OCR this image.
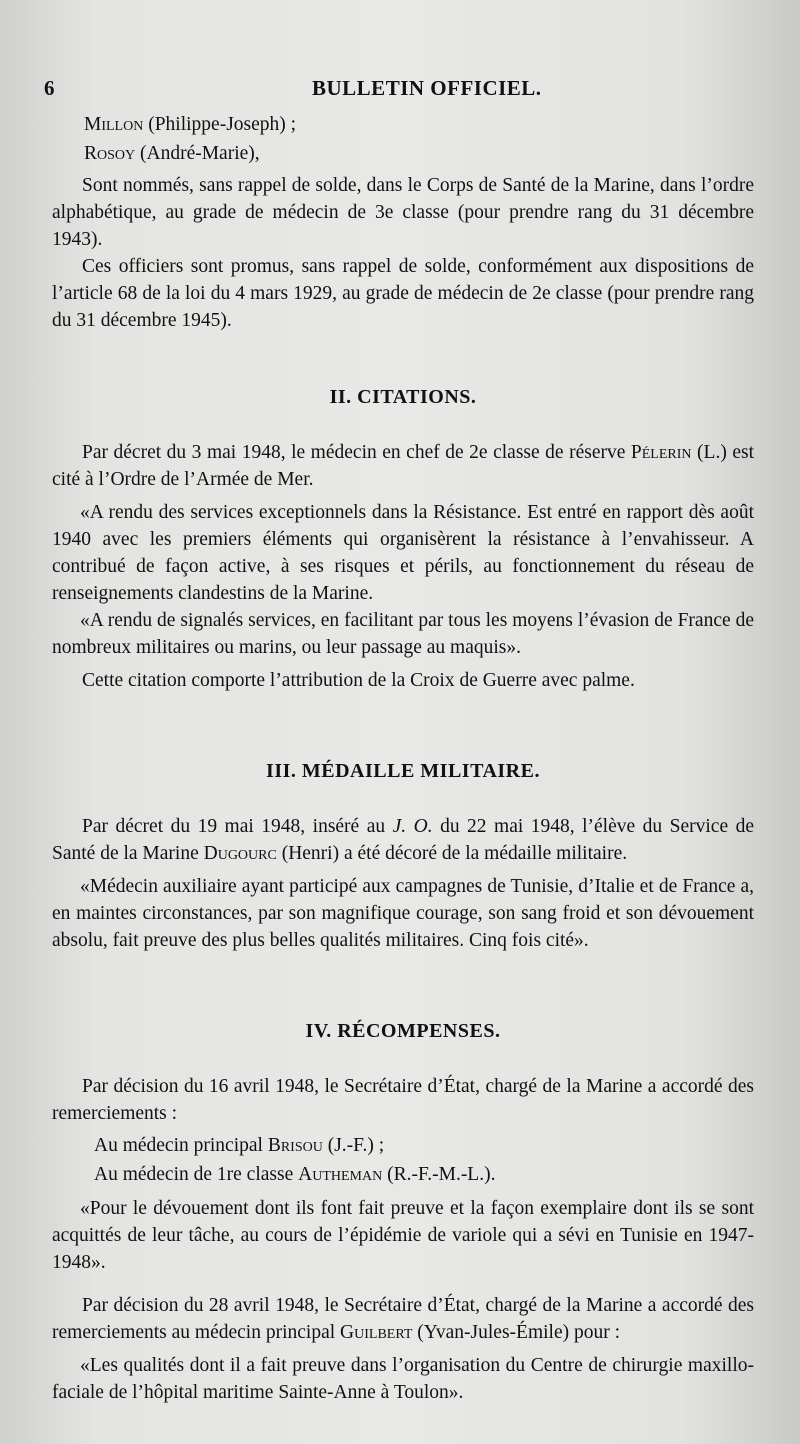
6	BULLETIN OFFICIEL.
Millon (Philippe-Joseph) ;
Rosoy (André-Marie),

Sont nommés, sans rappel de solde, dans le Corps de Santé de la Marine, dans l’ordre alphabétique, au grade de médecin de 3e classe (pour prendre rang du 31 décembre 1943).

Ces officiers sont promus, sans rappel de solde, conformément aux dispositions de l’article 68 de la loi du 4 mars 1929, au grade de médecin de 2e classe (pour prendre rang du 31 décembre 1945).

II. CITATIONS.

Par décret du 3 mai 1948, le médecin en chef de 2e classe de réserve Pélerin (L.) est cité à l’Ordre de l’Armée de Mer.

«A rendu des services exceptionnels dans la Résistance. Est entré en rapport dès août 1940 avec les premiers éléments qui organisèrent la résistance à l’envahisseur. A contribué de façon active, à ses risques et périls, au fonctionnement du réseau de renseignements clandestins de la Marine.

«A rendu de signalés services, en facilitant par tous les moyens l’évasion de France de nombreux militaires ou marins, ou leur passage au maquis».

Cette citation comporte l’attribution de la Croix de Guerre avec palme.

III. MÉDAILLE MILITAIRE.

Par décret du 19 mai 1948, inséré au J. O. du 22 mai 1948, l’élève du Service de Santé de la Marine Dugourc (Henri) a été décoré de la médaille militaire.

«Médecin auxiliaire ayant participé aux campagnes de Tunisie, d’Italie et de France a, en maintes circonstances, par son magnifique courage, son sang froid et son dévouement absolu, fait preuve des plus belles qualités militaires. Cinq fois cité».

IV. RÉCOMPENSES.

Par décision du 16 avril 1948, le Secrétaire d’État, chargé de la Marine a accordé des remerciements :

Au médecin principal Brisou (J.-F.) ;
Au médecin de 1re classe Autheman (R.-F.-M.-L.).

«Pour le dévouement dont ils font fait preuve et la façon exemplaire dont ils se sont acquittés de leur tâche, au cours de l’épidémie de variole qui a sévi en Tunisie en 1947-1948».

Par décision du 28 avril 1948, le Secrétaire d’État, chargé de la Marine a accordé des remerciements au médecin principal Guilbert (Yvan-Jules-Émile) pour :

«Les qualités dont il a fait preuve dans l’organisation du Centre de chirurgie maxillo-faciale de l’hôpital maritime Sainte-Anne à Toulon».
